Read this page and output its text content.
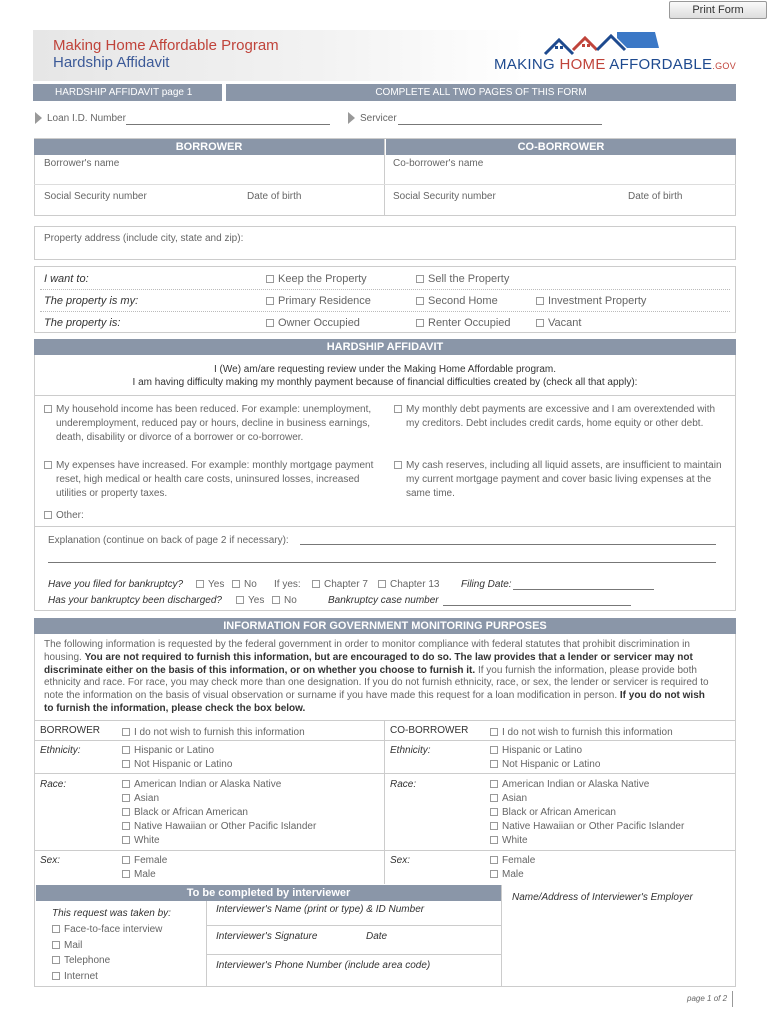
Print Form
Making Home Affordable Program
Hardship Affidavit	MAKING HOME AFFORDABLE.GOV
HARDSHIP AFFIDAVIT page 1	COMPLETE ALL TWO PAGES OF THIS FORM
Loan I.D. Number	Servicer
BORROWER	CO-BORROWER
Borrower's name	Co-borrower's name
Social Security number	Date of birth	Social Security number	Date of birth
Property address (include city, state and zip):
I want to:	Keep the Property	Sell the Property
The property is my:	Primary Residence	Second Home	Investment Property
The property is:	Owner Occupied	Renter Occupied	Vacant
HARDSHIP AFFIDAVIT
I (We) am/are requesting review under the Making Home Affordable program.
I am having difficulty making my monthly payment because of financial difficulties created by (check all that apply):
My household income has been reduced. For example: unemployment,
underemployment, reduced pay or hours, decline in business earnings,
death, disability or divorce of a borrower or co-borrower.
My monthly debt payments are excessive and I am overextended with
my creditors. Debt includes credit cards, home equity or other debt.
My expenses have increased. For example: monthly mortgage payment
reset, high medical or health care costs, uninsured losses, increased
utilities or property taxes.
My cash reserves, including all liquid assets, are insufficient to maintain
my current mortgage payment and cover basic living expenses at the
same time.
Other:
Explanation (continue on back of page 2 if necessary):
Have you filed for bankruptcy?	Yes	No If yes:	Chapter 7	Chapter 13 Filing Date:
Has your bankruptcy been discharged?	Yes	No	Bankruptcy case number
INFORMATION FOR GOVERNMENT MONITORING PURPOSES
The following information is requested by the federal government in order to monitor compliance with federal statutes that prohibit discrimination in
housing. You are not required to furnish this information, but are encouraged to do so. The law provides that a lender or servicer may not
discriminate either on the basis of this information, or on whether you choose to furnish it. If you furnish the information, please provide both
ethnicity and race. For race, you may check more than one designation. If you do not furnish ethnicity, race, or sex, the lender or servicer is required to
note the information on the basis of visual observation or surname if you have made this request for a loan modification in person. If you do not wish
to furnish the information, please check the box below.
BORROWER	I do not wish to furnish this information	CO-BORROWER	I do not wish to furnish this information
Ethnicity:	Hispanic or Latino
Not Hispanic or Latino
Ethnicity:	Hispanic or Latino
Not Hispanic or Latino
Race:	American Indian or Alaska Native
Asian
Black or African American
Native Hawaiian or Other Pacific Islander
White
Race:	American Indian or Alaska Native
Asian
Black or African American
Native Hawaiian or Other Pacific Islander
White
Sex:	Female
Male
Sex:	Female
Male
To be completed by interviewer
This request was taken by:
Face-to-face interview
Mail
Telephone
Internet
Interviewer's Name (print or type) & ID Number
Interviewer's Signature	Date
Interviewer's Phone Number (include area code)
Name/Address of Interviewer's Employer
page 1 of 2
